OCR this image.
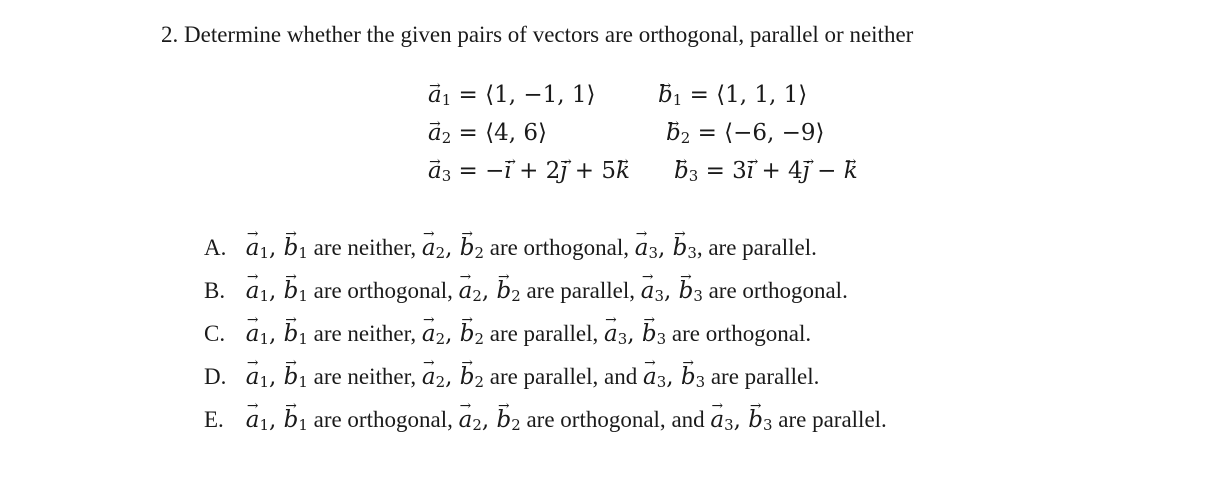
2. Determine whether the given pairs of vectors are orthogonal, parallel or neither
→ $a_1$ = ⟨1, −1, 1⟩
→	$b_1$ = ⟨1, 1, 1⟩
→ $a_2$ = ⟨4, 6⟩
→	$b_2$ = ⟨−6, −9⟩
→ $a_3$ = −→ i + 2→ j + 5→ k
→ $b_3 = 3\to i + 4\to j$ − → k
A. → $a_1$, → $b_1$ are neither, → $a_2$, → $b_2$ are orthogonal, → $a_3$, → $b_3$, are parallel.
B. → $a_1$, → $b_1$ are orthogonal, → $a_2$, → $b_2$ are parallel, → $a_3$, → $b_3$ are orthogonal.
C. → $a_1$, → $b_1$ are neither, → $a_2$, → $b_2$ are parallel, → $a_3$, → $b_3$ are orthogonal.
D. → $a_1$, → $b_1$ are neither, → $a_2$, → $b_2$ are parallel, and → $a_3$, → $b_3$ are parallel.
E. → $a_1$, → $b_1$ are orthogonal, → $a_2$, → $b_2$ are orthogonal, and → $a_3$, → $b_3$ are parallel.
